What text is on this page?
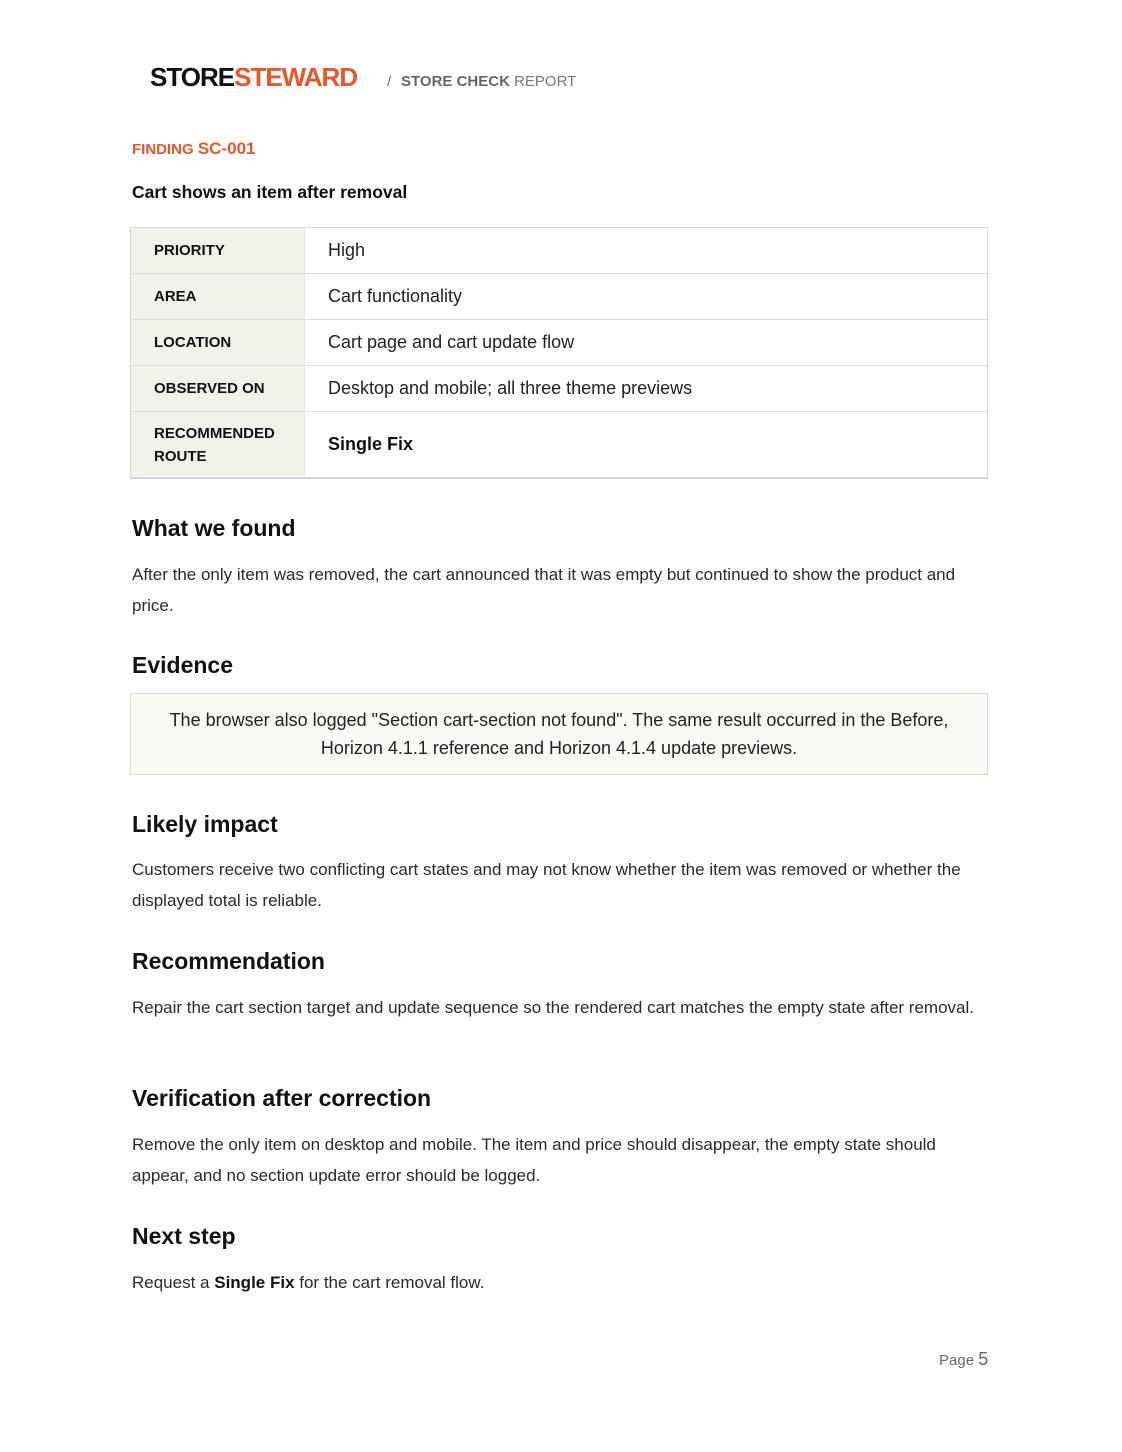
STORESTEWARD / STORE CHECK REPORT
FINDING SC-001
Cart shows an item after removal
PRIORITY	High
AREA	Cart functionality
LOCATION	Cart page and cart update flow
OBSERVED ON	Desktop and mobile; all three theme previews
RECOMMENDED
ROUTE	Single Fix
What we found

After the only item was removed, the cart announced that it was empty but continued to show the product and price.

Evidence
The browser also logged "Section cart-section not found". The same result occurred in the Before, Horizon 4.1.1 reference and Horizon 4.1.4 update previews.
Likely impact

Customers receive two conflicting cart states and may not know whether the item was removed or whether the displayed total is reliable.

Recommendation

Repair the cart section target and update sequence so the rendered cart matches the empty state after removal.

Verification after correction

Remove the only item on desktop and mobile. The item and price should disappear, the empty state should appear, and no section update error should be logged.

Next step

Request a Single Fix for the cart removal flow.

Page 5
